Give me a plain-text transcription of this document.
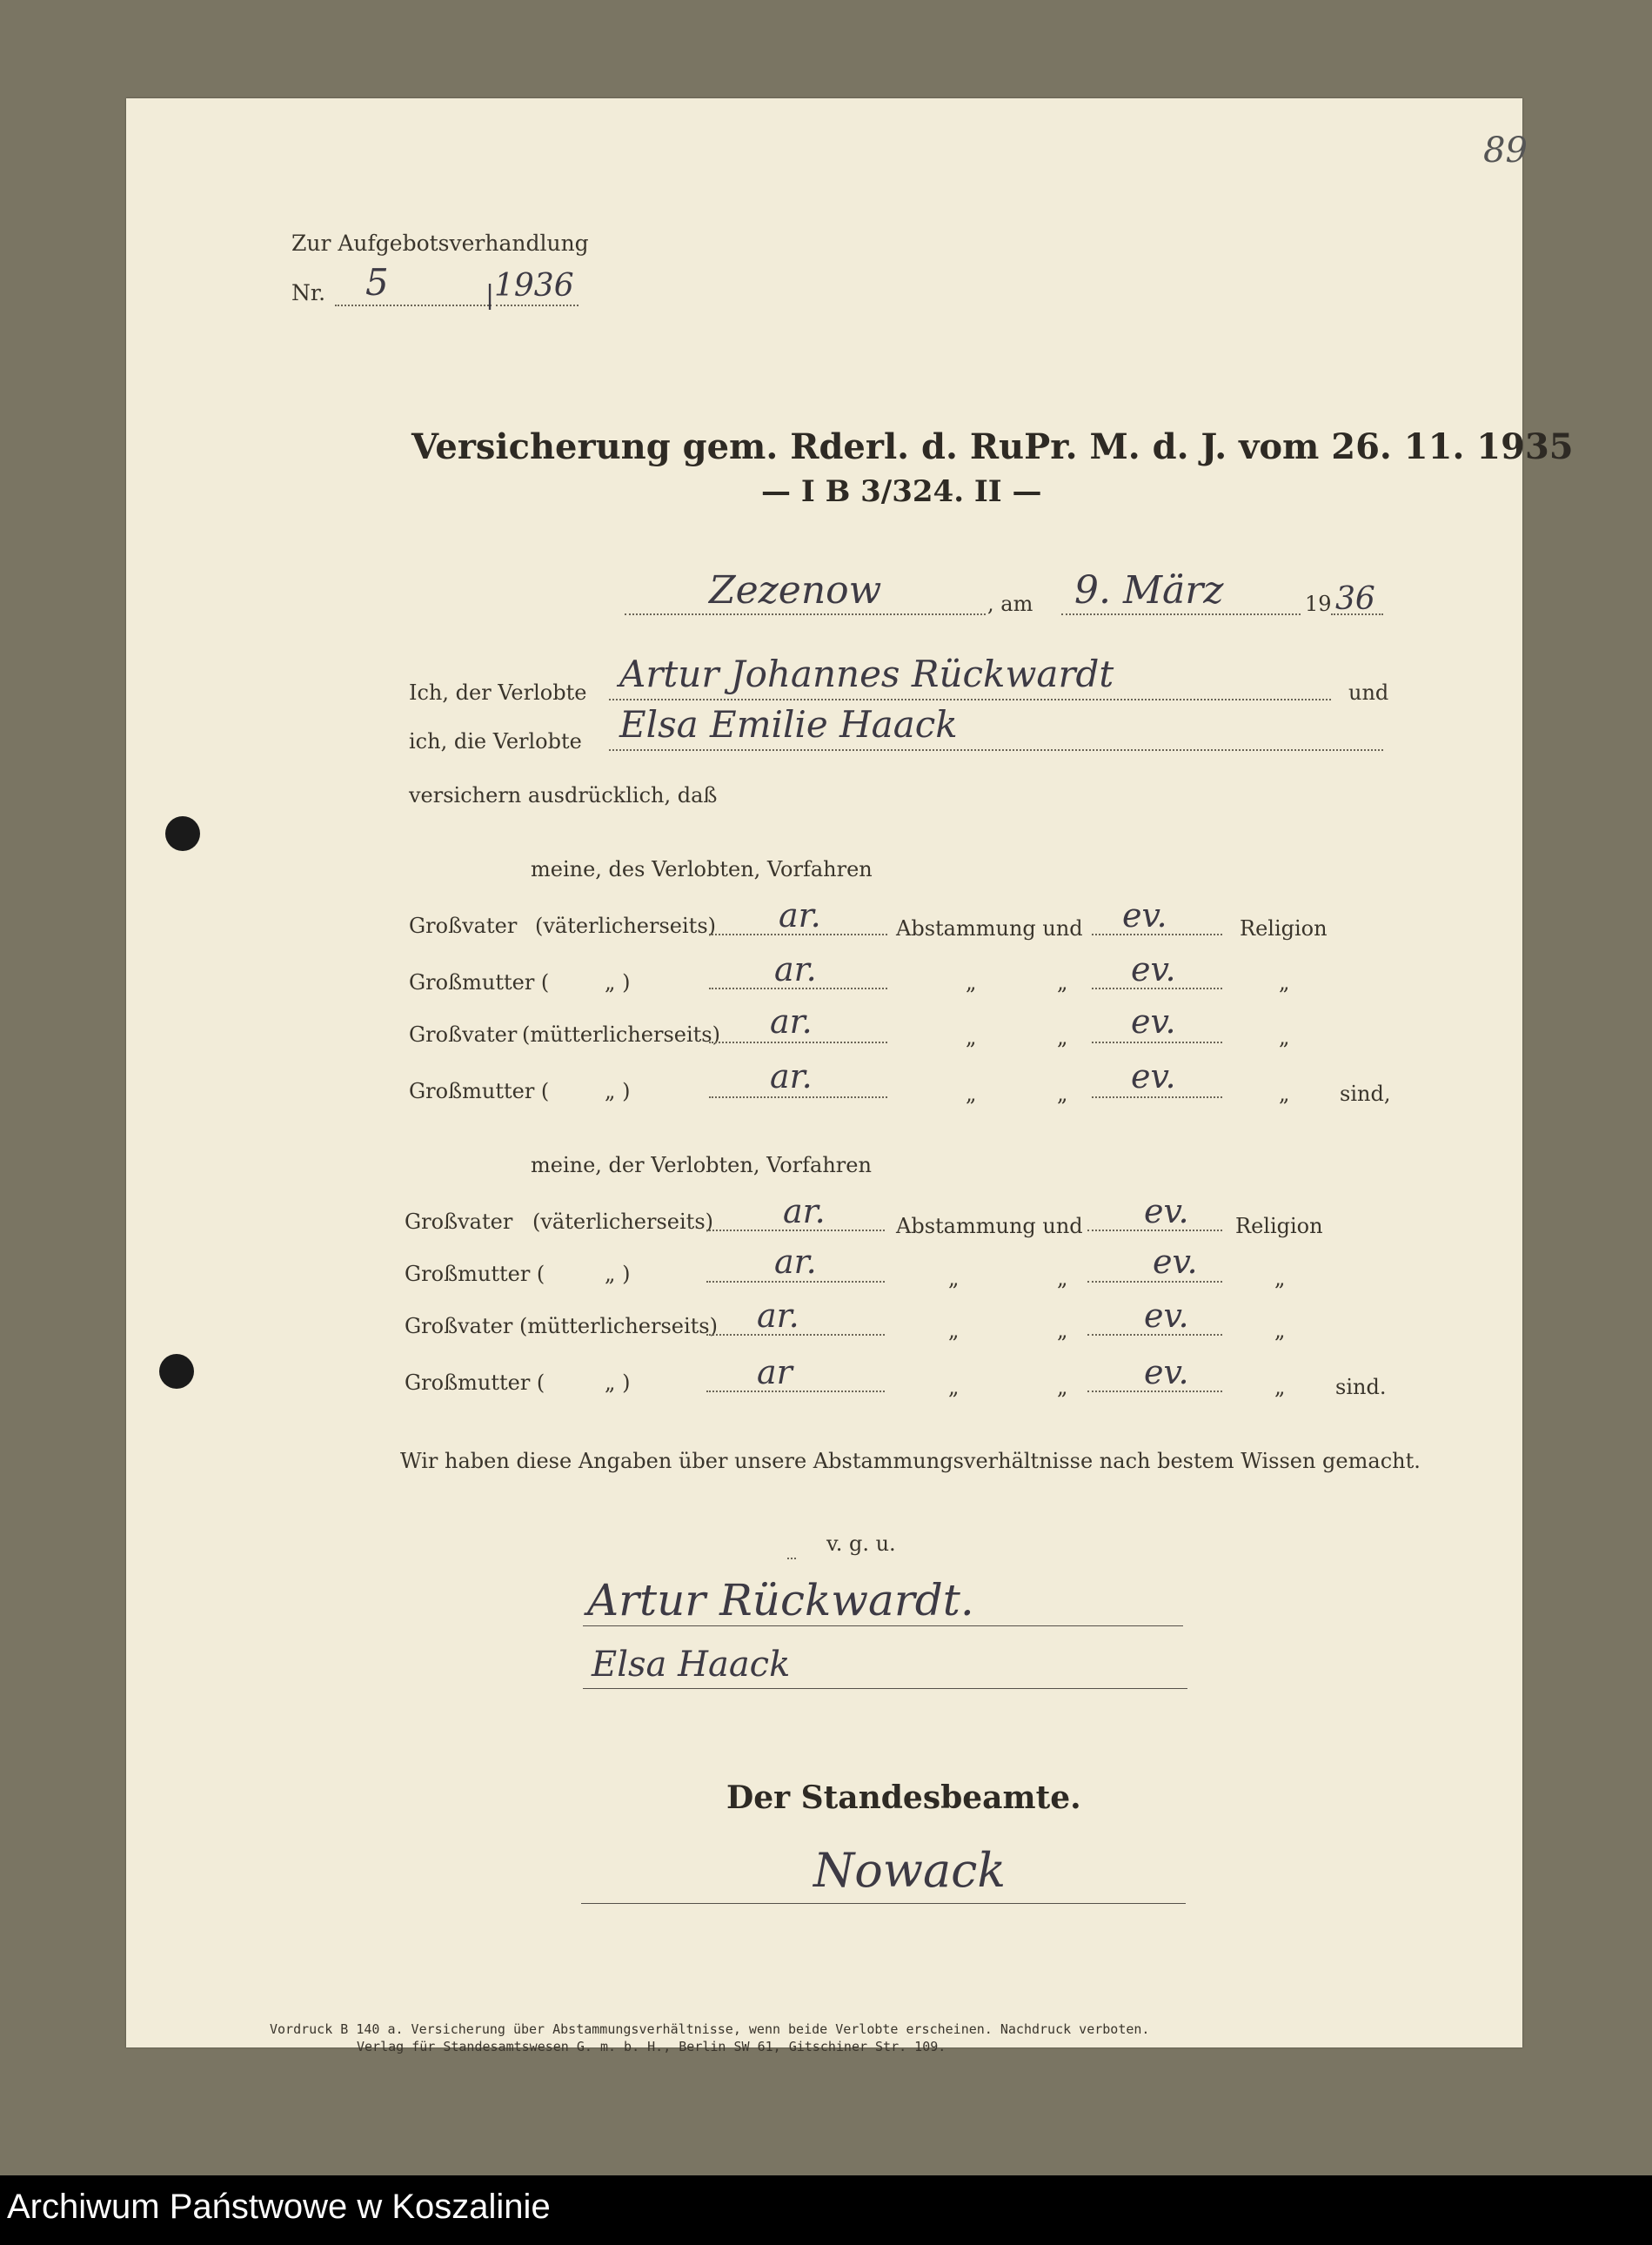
89
Zur Aufgebotsverhandlung
Nr. 5	| 1936
Versicherung gem. Rderl. d. RuPr. M. d. J. vom 26. 11. 1935
— I B 3/324. II —
Zezenow	, am 9. März	19 36
Ich, der Verlobte Artur Johannes Rückwardt	und
ich, die Verlobte Elsa Emilie Haack
versichern ausdrücklich, daß
meine, des Verlobten, Vorfahren
Großvater (väterlicherseits) ar.	Abstammung und ev.	Religion
Großmutter (	„ )	ar.	„	„ ev.	„
Großvater (mütterlicherseits) ar.	„	„ ev.	„
Großmutter (	„ )	ar.	„	„ ev.	„ sind,
meine, der Verlobten, Vorfahren
Großvater (väterlicherseits) ar.	Abstammung und ev. Religion
Großmutter (	„ )	ar.	„	„	ev.	„
Großvater (mütterlicherseits) ar.	„	„ ev.	„
Großmutter (	„ )	ar	„	„ ev.	„ sind.
Wir haben diese Angaben über unsere Abstammungsverhältnisse nach bestem Wissen gemacht.
v. g. u.
Artur Rückwardt.
Elsa Haack
Der Standesbeamte.
Nowack
Vordruck B 140 a. Versicherung über Abstammungsverhältnisse, wenn beide Verlobte erscheinen. Nachdruck verboten.
Verlag für Standesamtswesen G. m. b. H., Berlin SW 61, Gitschiner Str. 109.
Archiwum Państwowe w Koszalinie
